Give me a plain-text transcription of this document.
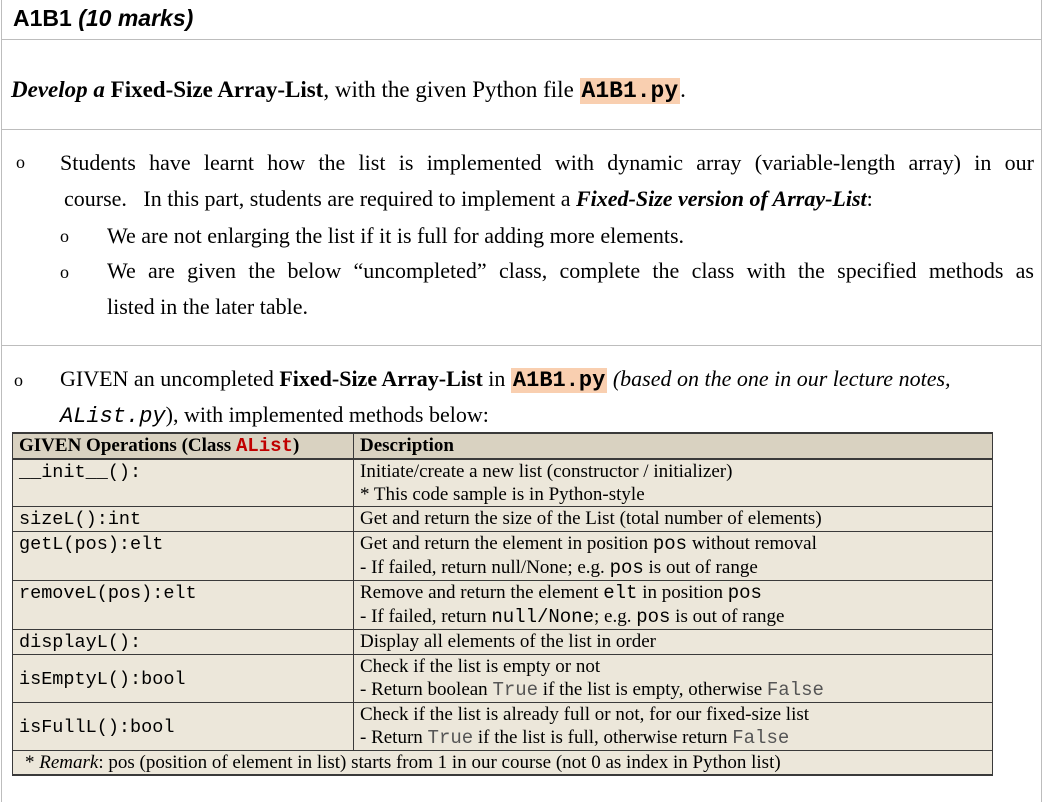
A1B1 (10 marks)
Develop a Fixed-Size Array-List, with the given Python file A1B1.py.
o Students have learnt how the list is implemented with dynamic array (variable-length array) in our
course.   In this part, students are required to implement a Fixed-Size version of Array-List:
o We are not enlarging the list if it is full for adding more elements.
o We are given the below “uncompleted” class, complete the class with the specified methods as
listed in the later table.
o GIVEN an uncompleted Fixed-Size Array-List in A1B1.py (based on the one in our lecture notes,
AList.py), with implemented methods below:
GIVEN Operations (Class AList)	Description
__init__():	Initiate/create a new list (constructor / initializer)
* This code sample is in Python-style

sizeL():int	Get and return the size of the List (total number of elements)
getL(pos):elt	Get and return the element in position pos without removal
- If failed, return null/None; e.g. pos is out of range

removeL(pos):elt	Remove and return the element elt in position pos
- If failed, return null/None; e.g. pos is out of range

displayL():	Display all elements of the list in order
isEmptyL():bool	Check if the list is empty or not
- Return boolean True if the list is empty, otherwise False

isFullL():bool	Check if the list is already full or not, for our fixed-size list
- Return True if the list is full, otherwise return False

* Remark: pos (position of element in list) starts from 1 in our course (not 0 as index in Python list)	
